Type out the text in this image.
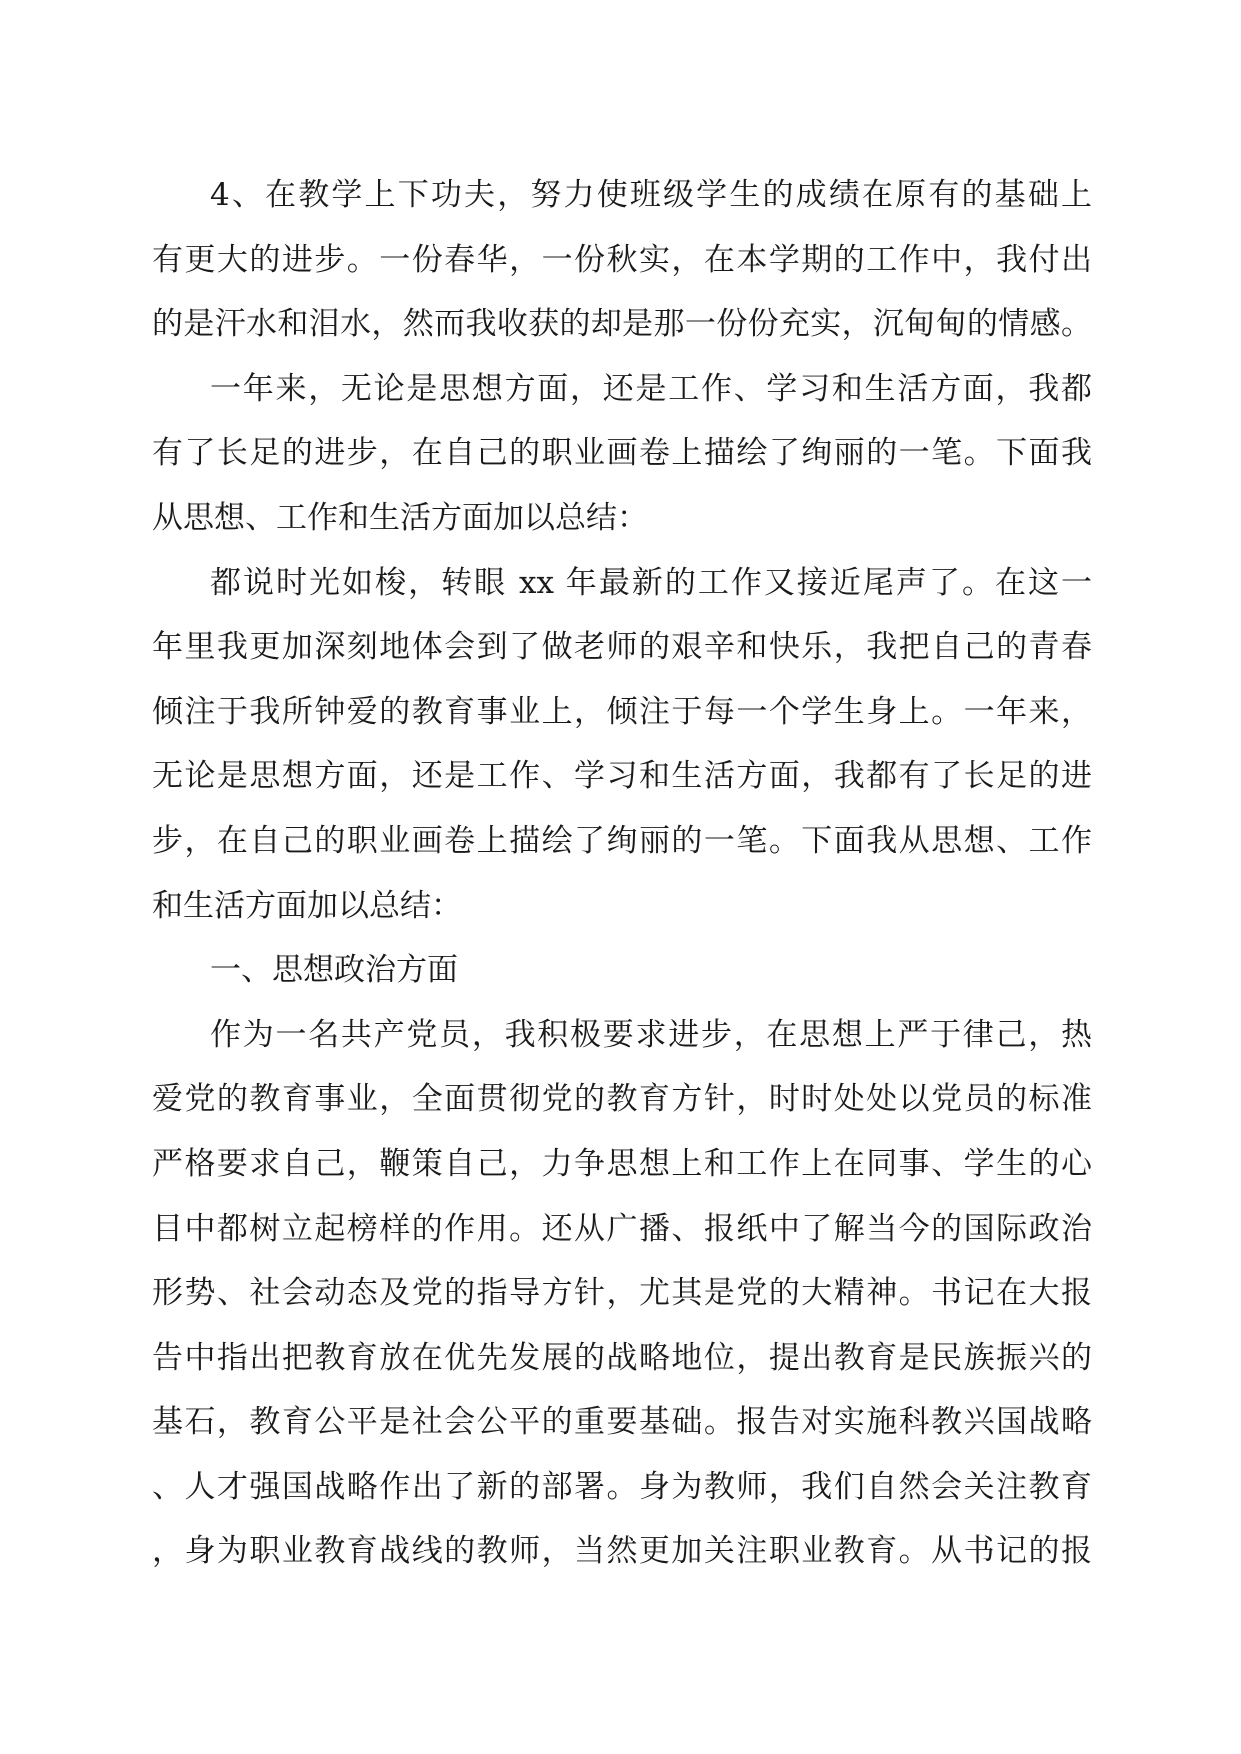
4、在教学上下功夫，努力使班级学生的成绩在原有的基础上
有更大的进步。一份春华，一份秋实，在本学期的工作中，我付出
的是汗水和泪水，然而我收获的却是那一份份充实，沉甸甸的情感。
一年来，无论是思想方面，还是工作、学习和生活方面，我都
有了长足的进步，在自己的职业画卷上描绘了绚丽的一笔。下面我
从思想、工作和生活方面加以总结：
都说时光如梭，转眼 xx 年最新的工作又接近尾声了。在这一
年里我更加深刻地体会到了做老师的艰辛和快乐，我把自己的青春
倾注于我所钟爱的教育事业上，倾注于每一个学生身上。一年来，
无论是思想方面，还是工作、学习和生活方面，我都有了长足的进
步，在自己的职业画卷上描绘了绚丽的一笔。下面我从思想、工作
和生活方面加以总结：
一、思想政治方面
作为一名共产党员，我积极要求进步，在思想上严于律己，热
爱党的教育事业，全面贯彻党的教育方针，时时处处以党员的标准
严格要求自己，鞭策自己，力争思想上和工作上在同事、学生的心
目中都树立起榜样的作用。还从广播、报纸中了解当今的国际政治
形势、社会动态及党的指导方针，尤其是党的大精神。书记在大报
告中指出把教育放在优先发展的战略地位，提出教育是民族振兴的
基石，教育公平是社会公平的重要基础。报告对实施科教兴国战略
、人才强国战略作出了新的部署。身为教师，我们自然会关注教育
，身为职业教育战线的教师，当然更加关注职业教育。从书记的报
